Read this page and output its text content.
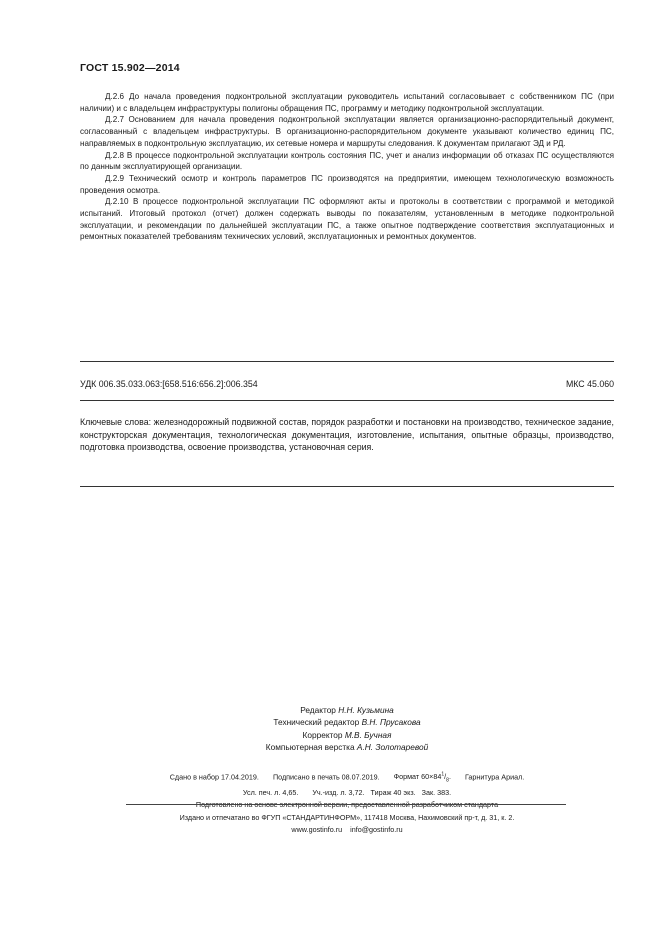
ГОСТ 15.902—2014

Д.2.6 До начала проведения подконтрольной эксплуатации руководитель испытаний согласовывает с собственником ПС (при наличии) и с владельцем инфраструктуры полигоны обращения ПС, программу и методику подконтрольной эксплуатации.

Д.2.7 Основанием для начала проведения подконтрольной эксплуатации является организационно-распорядительный документ, согласованный с владельцем инфраструктуры. В организационно-распорядительном документе указывают количество единиц ПС, направляемых в подконтрольную эксплуатацию, их сетевые номера и маршруты следования. К документам прилагают ЭД и РД.

Д.2.8 В процессе подконтрольной эксплуатации контроль состояния ПС, учет и анализ информации об отказах ПС осуществляются по данным эксплуатирующей организации.

Д.2.9 Технический осмотр и контроль параметров ПС производятся на предприятии, имеющем технологическую возможность проведения осмотра.

Д.2.10 В процессе подконтрольной эксплуатации ПС оформляют акты и протоколы в соответствии с программой и методикой испытаний. Итоговый протокол (отчет) должен содержать выводы по показателям, установленным в методике подконтрольной эксплуатации, и рекомендации по дальнейшей эксплуатации ПС, а также опытное подтверждение соответствия эксплуатационных и ремонтных показателей требованиям технических условий, эксплуатационных и ремонтных документов.

УДК 006.35.033.063:[658.516:656.2]:006.354	МКС 45.060

Ключевые слова: железнодорожный подвижной состав, порядок разработки и постановки на производство, техническое задание, конструкторская документация, технологическая документация, изготовление, испытания, опытные образцы, производство, подготовка производства, освоение производства, установочная серия.

Редактор Н.Н. Кузьмина
Технический редактор В.Н. Прусакова
Корректор М.В. Бучная
Компьютерная верстка А.Н. Золотаревой
Сдано в набор 17.04.2019. Подписано в печать 08.07.2019. Формат $60\times 84^1/_8$. Гарнитура Ариал.
Усл. печ. л. 4,65. Уч.-изд. л. 3,72. Тираж 40 экз. Зак. 383.
Подготовлено на основе электронной версии, предоставленной разработчиком стандарта
Издано и отпечатано во ФГУП «СТАНДАРТИНФОРМ», 117418 Москва, Нахимовский пр-т, д. 31, к. 2.
www.gostinfo.ru info@gostinfo.ru
